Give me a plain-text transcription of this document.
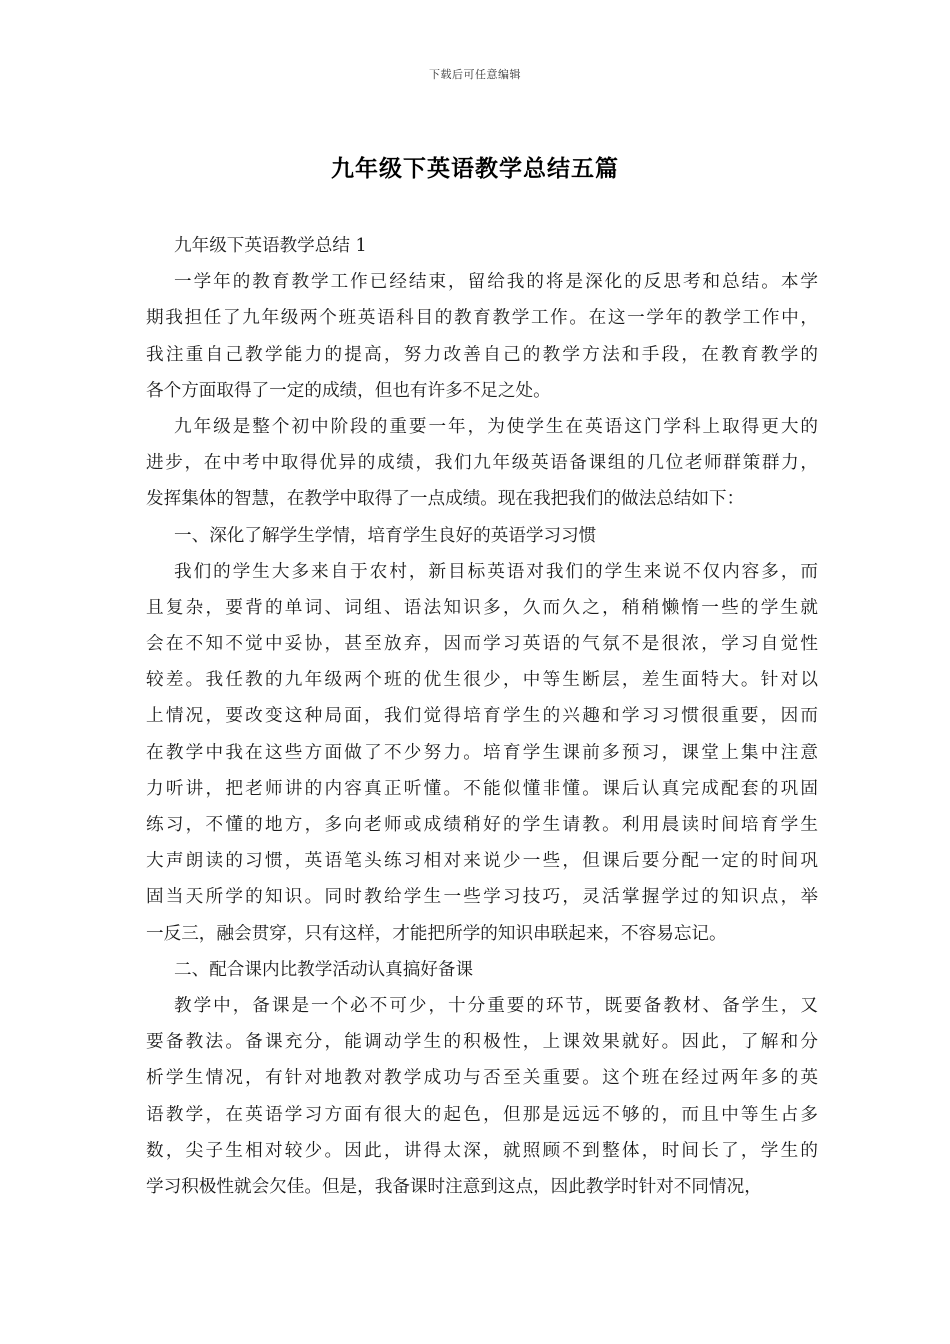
下载后可任意编辑
九年级下英语教学总结五篇
九年级下英语教学总结 1
一学年的教育教学工作已经结束，留给我的将是深化的反思考和总结。本学
期我担任了九年级两个班英语科目的教育教学工作。在这一学年的教学工作中，
我注重自己教学能力的提高，努力改善自己的教学方法和手段，在教育教学的
各个方面取得了一定的成绩，但也有许多不足之处。
九年级是整个初中阶段的重要一年，为使学生在英语这门学科上取得更大的
进步，在中考中取得优异的成绩，我们九年级英语备课组的几位老师群策群力，
发挥集体的智慧，在教学中取得了一点成绩。现在我把我们的做法总结如下：
一、深化了解学生学情，培育学生良好的英语学习习惯
我们的学生大多来自于农村，新目标英语对我们的学生来说不仅内容多，而
且复杂，要背的单词、词组、语法知识多，久而久之，稍稍懒惰一些的学生就
会在不知不觉中妥协，甚至放弃，因而学习英语的气氛不是很浓，学习自觉性
较差。我任教的九年级两个班的优生很少，中等生断层，差生面特大。针对以
上情况，要改变这种局面，我们觉得培育学生的兴趣和学习习惯很重要，因而
在教学中我在这些方面做了不少努力。培育学生课前多预习，课堂上集中注意
力听讲，把老师讲的内容真正听懂。不能似懂非懂。课后认真完成配套的巩固
练习，不懂的地方，多向老师或成绩稍好的学生请教。利用晨读时间培育学生
大声朗读的习惯，英语笔头练习相对来说少一些，但课后要分配一定的时间巩
固当天所学的知识。同时教给学生一些学习技巧，灵活掌握学过的知识点，举
一反三，融会贯穿，只有这样，才能把所学的知识串联起来，不容易忘记。
二、配合课内比教学活动认真搞好备课
教学中，备课是一个必不可少，十分重要的环节，既要备教材、备学生，又
要备教法。备课充分，能调动学生的积极性，上课效果就好。因此，了解和分
析学生情况，有针对地教对教学成功与否至关重要。这个班在经过两年多的英
语教学，在英语学习方面有很大的起色，但那是远远不够的，而且中等生占多
数，尖子生相对较少。因此，讲得太深，就照顾不到整体，时间长了，学生的
学习积极性就会欠佳。但是，我备课时注意到这点，因此教学时针对不同情况，
